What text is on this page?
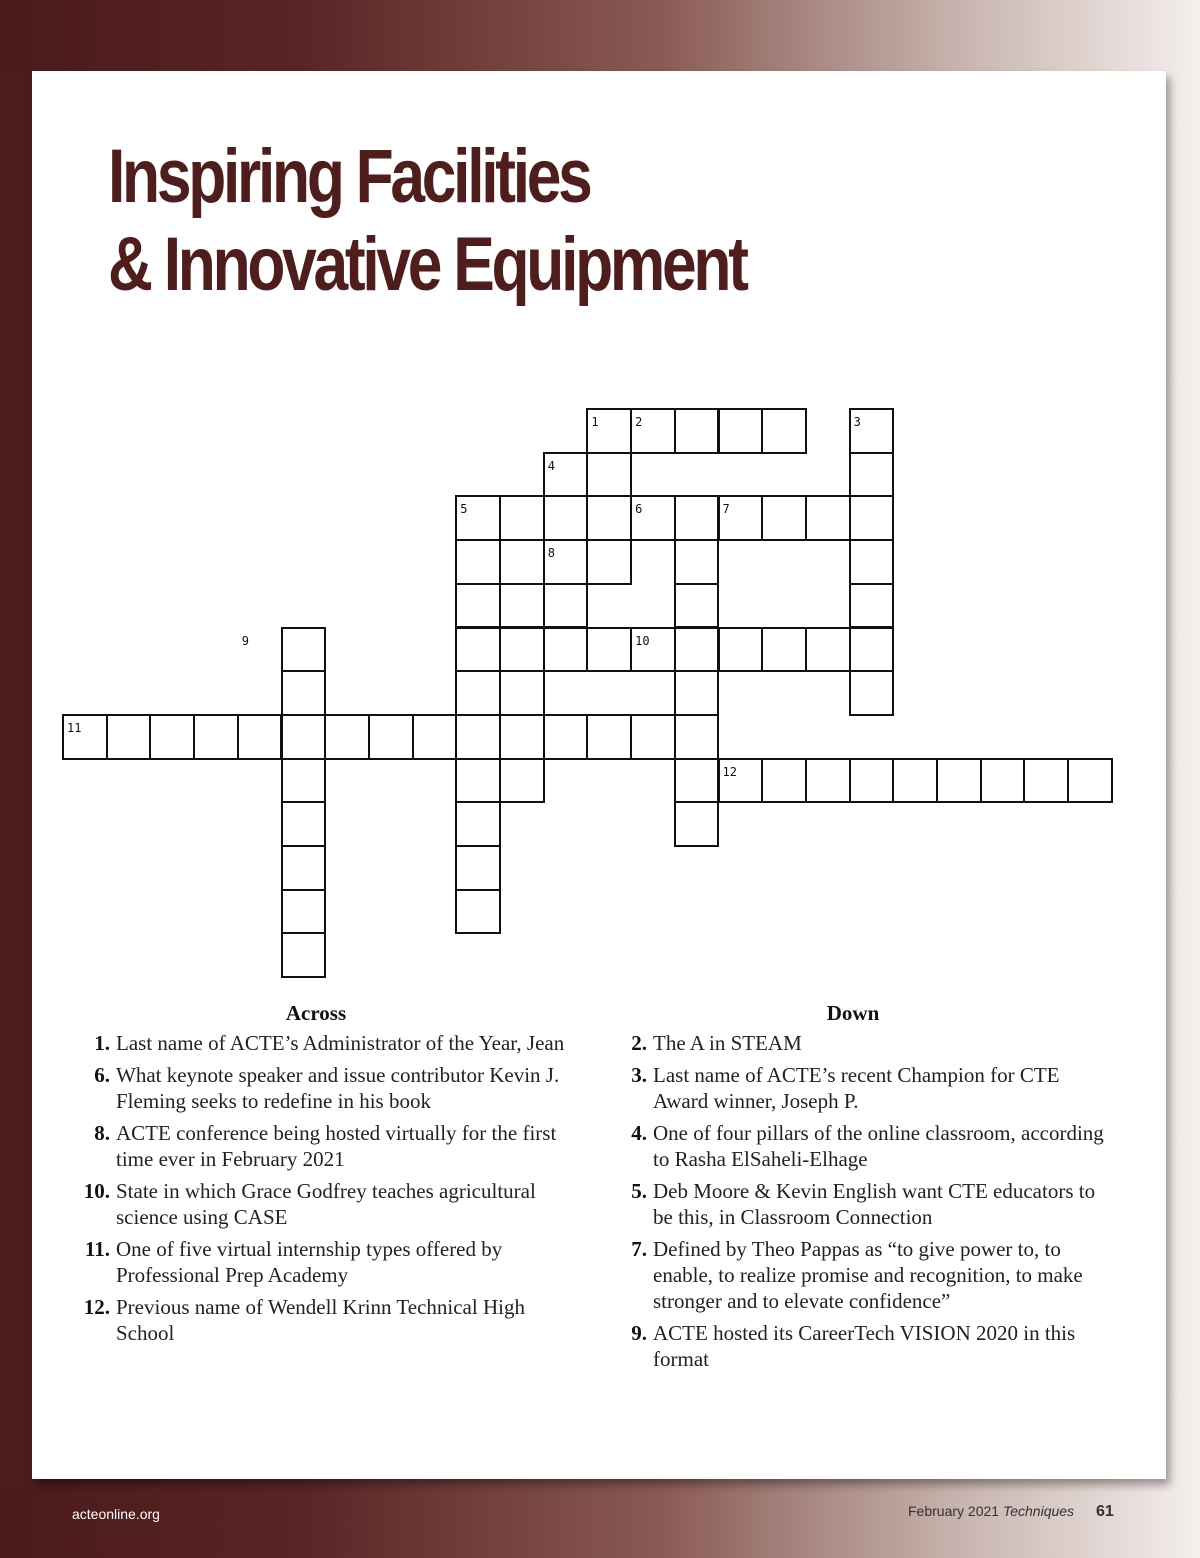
Inspiring Facilities
& Innovative Equipment
1	2	3
4
5	6	7
8
9	10
11
12
Across
1. Last name of ACTE’s Administrator of the Year, Jean
6. What keynote speaker and issue contributor Kevin J. Fleming seeks to redefine in his book
8. ACTE conference being hosted virtually for the first time ever in February 2021
10. State in which Grace Godfrey teaches agricultural science using CASE
11. One of five virtual internship types offered by Professional Prep Academy
12. Previous name of Wendell Krinn Technical High School
Down
2. The A in STEAM
3. Last name of ACTE’s recent Champion for CTE Award winner, Joseph P.
4. One of four pillars of the online classroom, according to Rasha ElSaheli-Elhage
5. Deb Moore & Kevin English want CTE educators to be this, in Classroom Connection
7. Defined by Theo Pappas as “to give power to, to enable, to realize promise and recognition, to make stronger and to elevate confidence”
9. ACTE hosted its CareerTech VISION 2020 in this format
acteonline.org	February 2021 Techniques 61
